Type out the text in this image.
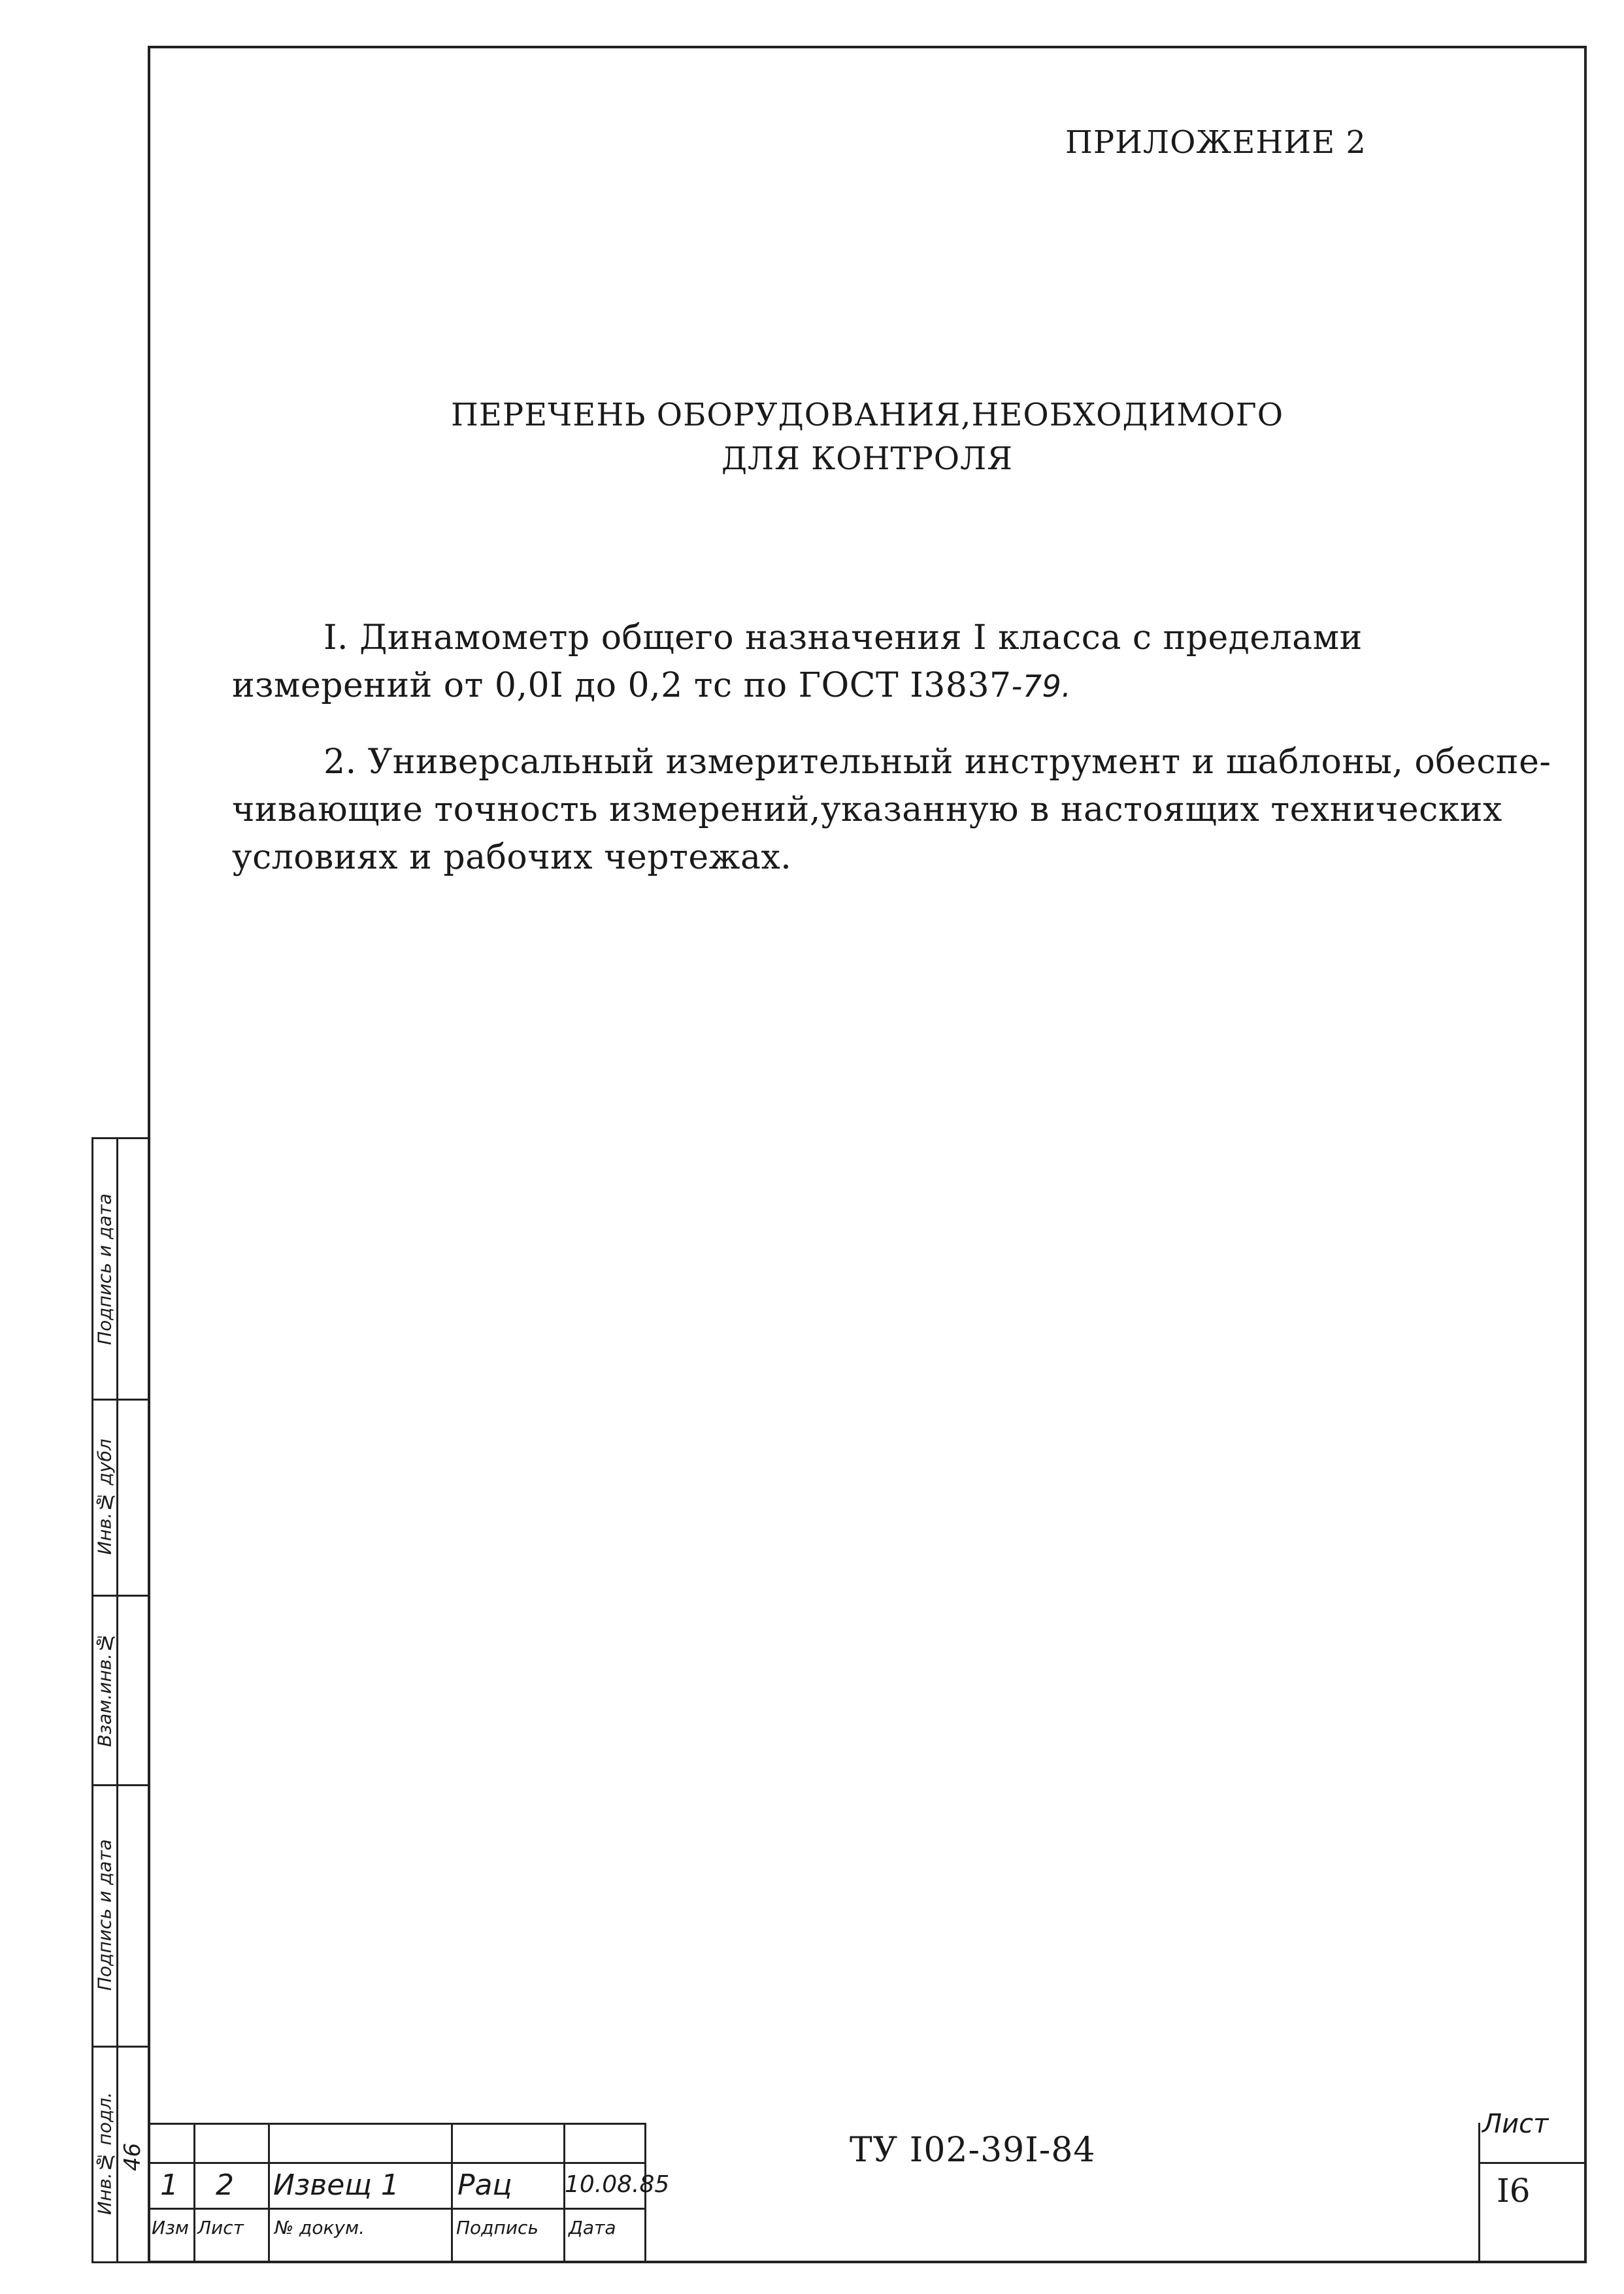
ПРИЛОЖЕНИЕ 2
ПЕРЕЧЕНЬ ОБОРУДОВАНИЯ,НЕОБХОДИМОГО
ДЛЯ КОНТРОЛЯ
I. Динамометр общего назначения I класса с пределами
измерений от 0,0I до 0,2 тс по ГОСТ I3837-79.
2. Универсальный измерительный инструмент и шаблоны, обеспе-
чивающие точность измерений,указанную в настоящих технических
условиях и рабочих чертежах.
Подпись и дата
Инв.№ дубл
Взам.инв.№
Подпись и дата
Инв.№ подл. 46
1 2 Извещ 1 Рац 10.08.85
Изм Лист № докум.	Подпись Дата
ТУ I02-39I-84
Лист
I6
